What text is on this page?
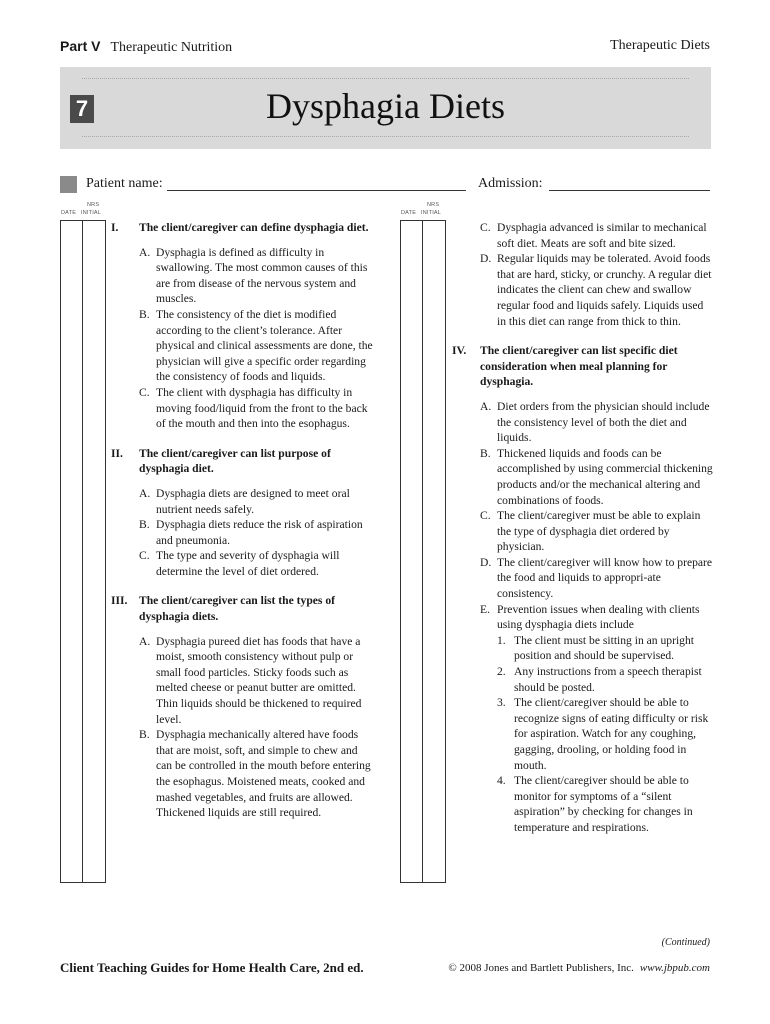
Part V Therapeutic Nutrition	Therapeutic Diets
7	Dysphagia Diets
Patient name:	Admission:
NRS
DATE INITIAL
NRS
DATE INITIAL
I.	The client/caregiver can define dysphagia diet.
A. Dysphagia is defined as difficulty in swallowing. The most common causes of this are from disease of the nervous system and muscles.
B. The consistency of the diet is modified according to the client’s tolerance. After physical and clinical assessments are done, the physician will give a specific order regarding the consistency of foods and liquids.
C. The client with dysphagia has difficulty in moving food/liquid from the front to the back of the mouth and then into the esophagus.
II.	The client/caregiver can list purpose of dysphagia diet.
A. Dysphagia diets are designed to meet oral nutrient needs safely.
B. Dysphagia diets reduce the risk of aspiration and pneumonia.
C. The type and severity of dysphagia will determine the level of diet ordered.
III. The client/caregiver can list the types of dysphagia diets.
A. Dysphagia pureed diet has foods that have a moist, smooth consistency without pulp or small food particles. Sticky foods such as melted cheese or peanut butter are omitted. Thin liquids should be thickened to required level.
B. Dysphagia mechanically altered have foods that are moist, soft, and simple to chew and can be controlled in the mouth before entering the esophagus. Moistened meats, cooked and mashed vegetables, and fruits are allowed. Thickened liquids are still required.
C. Dysphagia advanced is similar to mechanical soft diet. Meats are soft and bite sized.
D. Regular liquids may be tolerated. Avoid foods that are hard, sticky, or crunchy. A regular diet indicates the client can chew and swallow regular food and liquids safely. Liquids used in this diet can range from thick to thin.
IV.	The client/caregiver can list specific diet consideration when meal planning for dysphagia.
A. Diet orders from the physician should include the consistency level of both the diet and liquids.
B. Thickened liquids and foods can be accomplished by using commercial thickening products and/or the mechanical altering and combinations of foods.
C. The client/caregiver must be able to explain the type of dysphagia diet ordered by physician.
D. The client/caregiver will know how to prepare the food and liquids to appropri-ate consistency.
E. Prevention issues when dealing with clients using dysphagia diets include
1. The client must be sitting in an upright position and should be supervised.
2. Any instructions from a speech therapist should be posted.
3. The client/caregiver should be able to recognize signs of eating difficulty or risk for aspiration. Watch for any coughing, gagging, drooling, or holding food in mouth.
4. The client/caregiver should be able to monitor for symptoms of a “silent aspiration” by checking for changes in temperature and respirations.
(Continued)
Client Teaching Guides for Home Health Care, 2nd ed.	© 2008 Jones and Bartlett Publishers, Inc. www.jbpub.com
